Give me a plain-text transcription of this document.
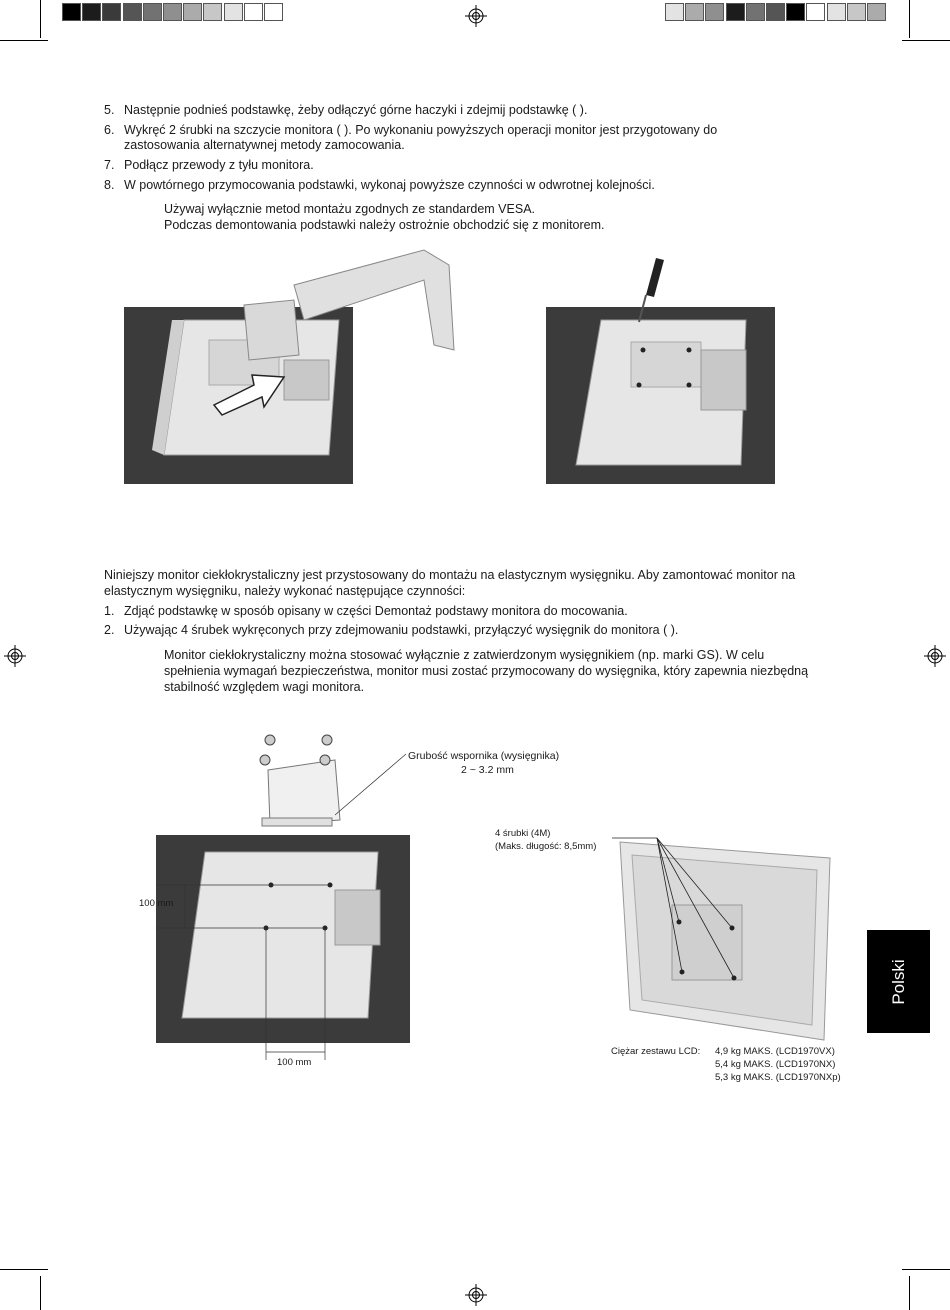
5. Następnie podnieś podstawkę, żeby odłączyć górne haczyki i zdejmij podstawkę ( ).
6. Wykręć 2 śrubki na szczycie monitora ( ). Po wykonaniu powyższych operacji monitor jest przygotowany do
zastosowania alternatywnej metody zamocowania.
7. Podłącz przewody z tyłu monitora.
8. W powtórnego przymocowania podstawki, wykonaj powyższe czynności w odwrotnej kolejności.
Używaj wyłącznie metod montażu zgodnych ze standardem VESA.
Podczas demontowania podstawki należy ostrożnie obchodzić się z monitorem.
Niniejszy monitor ciekłokrystaliczny jest przystosowany do montażu na elastycznym wysięgniku. Aby zamontować monitor na
elastycznym wysięgniku, należy wykonać następujące czynności:
1. Zdjąć podstawkę w sposób opisany w części Demontaż podstawy monitora do mocowania.
2. Używając 4 śrubek wykręconych przy zdejmowaniu podstawki, przyłączyć wysięgnik do monitora ( ).
Monitor ciekłokrystaliczny można stosować wyłącznie z zatwierdzonym wysięgnikiem (np. marki GS). W celu
spełnienia wymagań bezpieczeństwa, monitor musi zostać przymocowany do wysięgnika, który zapewnia niezbędną
stabilność względem wagi monitora.
Grubość wspornika (wysięgnika)
2 ~ 3.2 mm
100 mm
100 mm
4 śrubki (4M)
(Maks. długość: 8,5mm)
Ciężar zestawu LCD: 4,9 kg MAKS. (LCD1970VX)
5,4 kg MAKS. (LCD1970NX)
5,3 kg MAKS. (LCD1970NXp)
Polski
